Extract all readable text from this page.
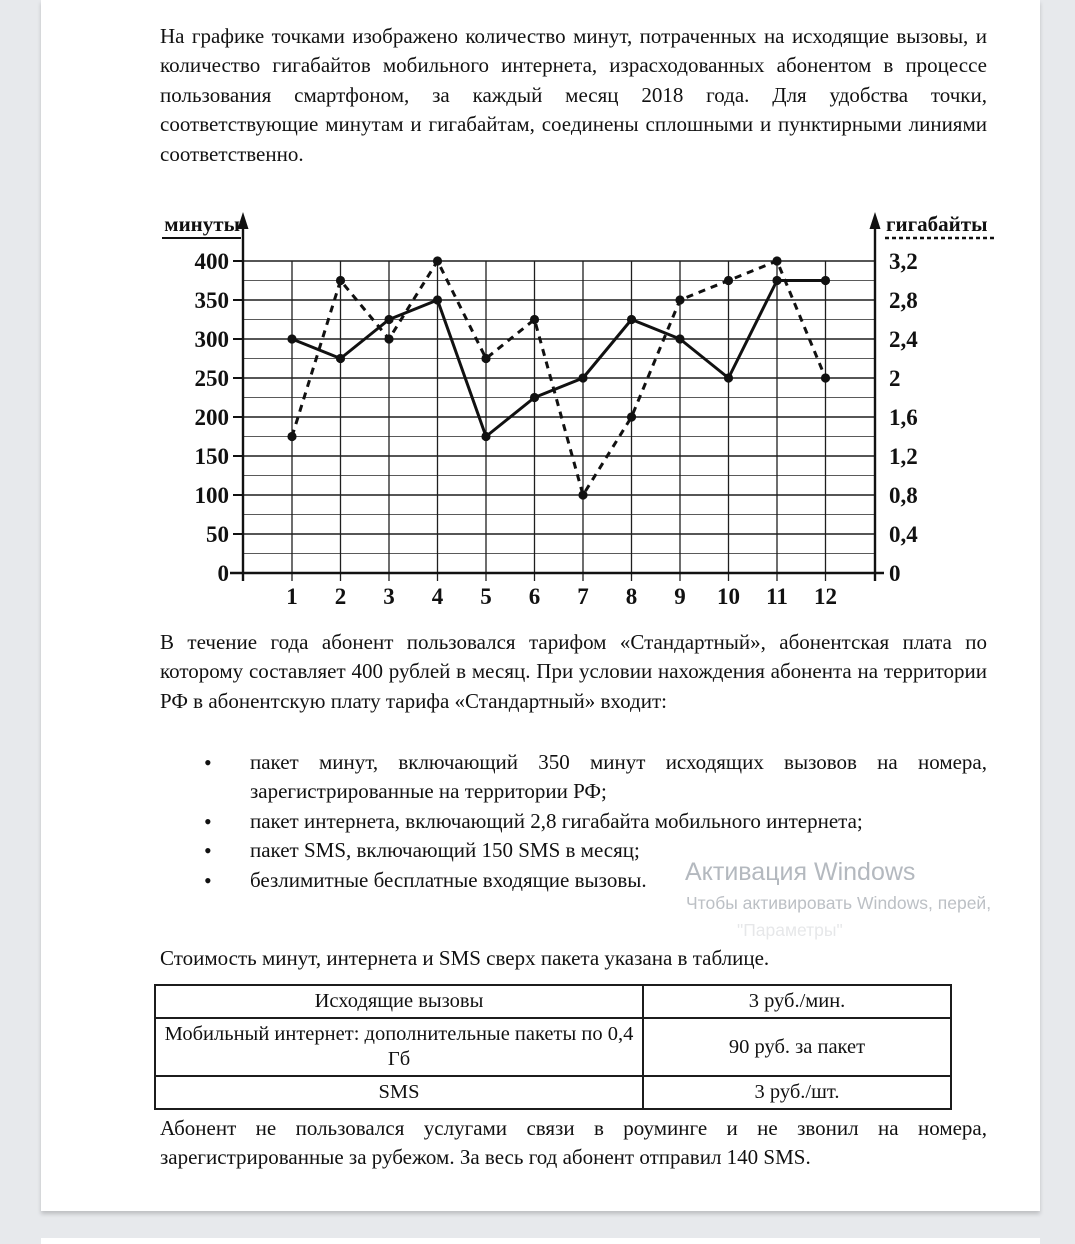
На графике точками изображено количество минут, потраченных на исходящие вызовы, и количество гигабайтов мобильного интернета, израсходованных абонентом в процессе пользования смартфоном, за каждый месяц 2018 года. Для удобства точки, соответствующие минутам и гигабайтам, соединены сплошными и пунктирными линиями соответственно.
0	0
50	0,4
100	0,8
150	1,2
200	1,6
250	2
300	2,4
350	2,8
400	3,2
1 2 3 4 5 6 7 8 9 10 11 12
минуты	гигабайты
В течение года абонент пользовался тарифом «Стандартный», абонентская плата по которому составляет 400 рублей в месяц. При условии нахождения абонента на территории РФ в абонентскую плату тарифа «Стандартный» входит:
• пакет минут, включающий 350 минут исходящих вызовов на номера, зарегистрированные на территории РФ;
• пакет интернета, включающий 2,8 гигабайта мобильного интернета;
• пакет SMS, включающий 150 SMS в месяц;
• безлимитные бесплатные входящие вызовы.	Активация Windows
Чтобы активировать Windows, перей,
"Параметры"
Стоимость минут, интернета и SMS сверх пакета указана в таблице.
Исходящие вызовы	3 руб./мин.
Мобильный интернет: дополнительные пакеты по 0,4 Гб	90 руб. за пакет
SMS	3 руб./шт.
Абонент не пользовался услугами связи в роуминге и не звонил на номера, зарегистрированные за рубежом. За весь год абонент отправил 140 SMS.
